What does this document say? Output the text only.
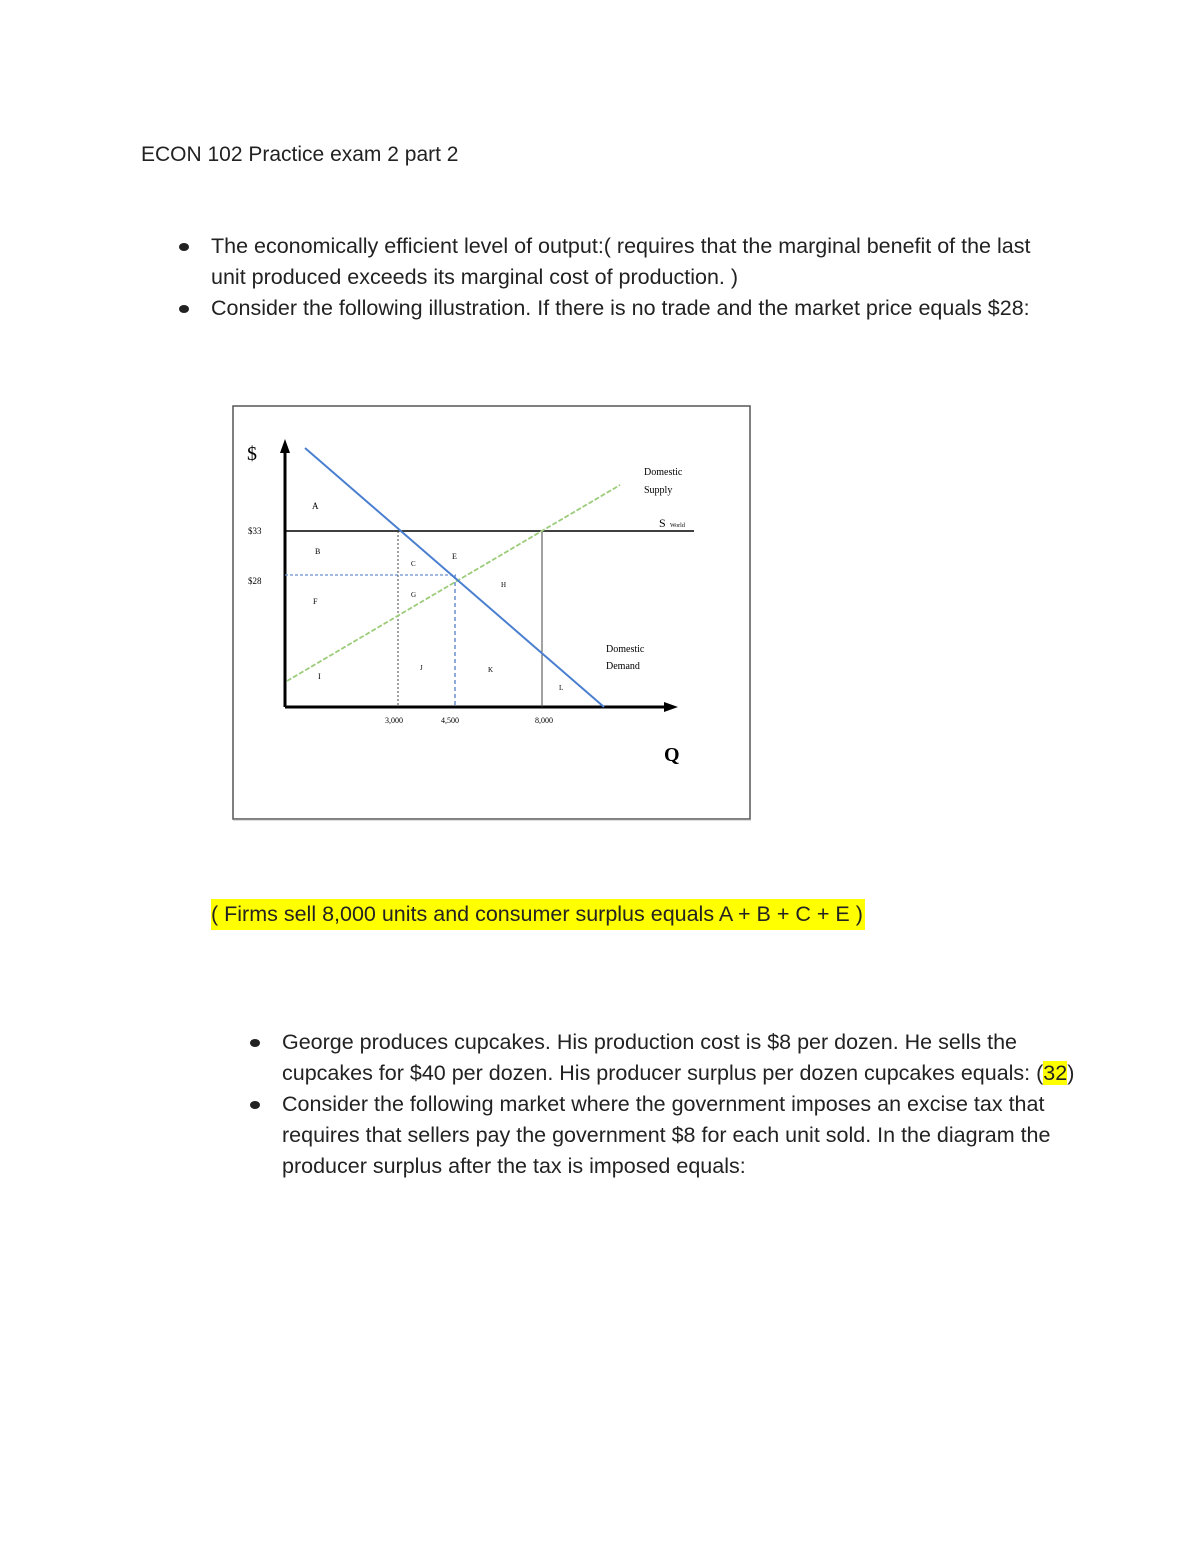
ECON 102 Practice exam 2 part 2
The economically efficient level of output:( requires that the marginal benefit of the last unit produced exceeds its marginal cost of production. )
Consider the following illustration. If there is no trade and the market price equals $28:
$
Q
$33
$28
3,000	4,500	8,000
Domestic
Supply
S World
Domestic
Demand
A
B
C
E
F
G
H
I
J	K
L
( Firms sell 8,000 units and consumer surplus equals A + B + C + E )
George produces cupcakes. His production cost is $8 per dozen. He sells the cupcakes for $40 per dozen. His producer surplus per dozen cupcakes equals: (32)
Consider the following market where the government imposes an excise tax that requires that sellers pay the government $8 for each unit sold. In the diagram the producer surplus after the tax is imposed equals:
